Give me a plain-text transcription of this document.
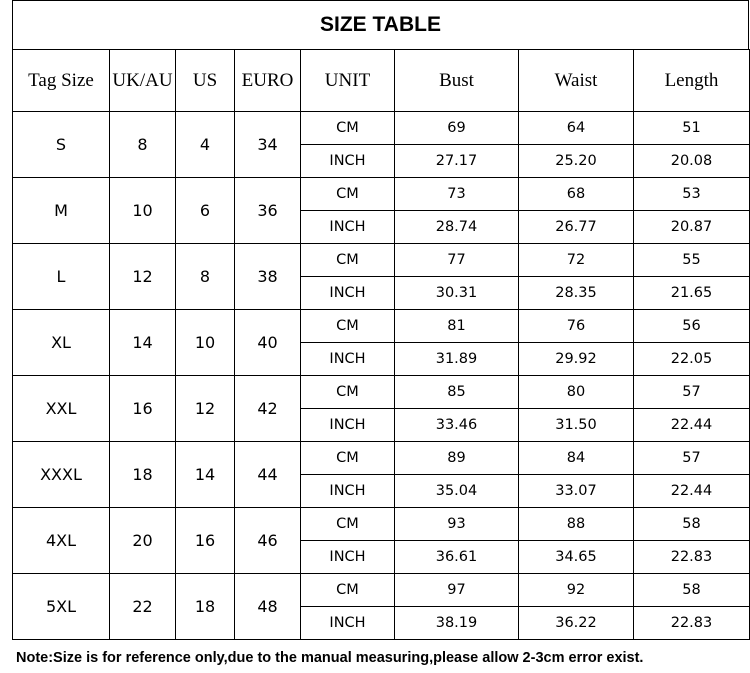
SIZE TABLE
Tag Size	UK/AU	US	EURO	UNIT	Bust	Waist	Length
S	8	4	34	CM	69	64	51
				INCH	27.17	25.20	20.08
M	10	6	36	CM	73	68	53
				INCH	28.74	26.77	20.87
L	12	8	38	CM	77	72	55
				INCH	30.31	28.35	21.65
XL	14	10	40	CM	81	76	56
				INCH	31.89	29.92	22.05
XXL	16	12	42	CM	85	80	57
				INCH	33.46	31.50	22.44
XXXL	18	14	44	CM	89	84	57
				INCH	35.04	33.07	22.44
4XL	20	16	46	CM	93	88	58
				INCH	36.61	34.65	22.83
5XL	22	18	48	CM	97	92	58
				INCH	38.19	36.22	22.83
Note:Size is for reference only,due to the manual measuring,please allow 2-3cm error exist.
